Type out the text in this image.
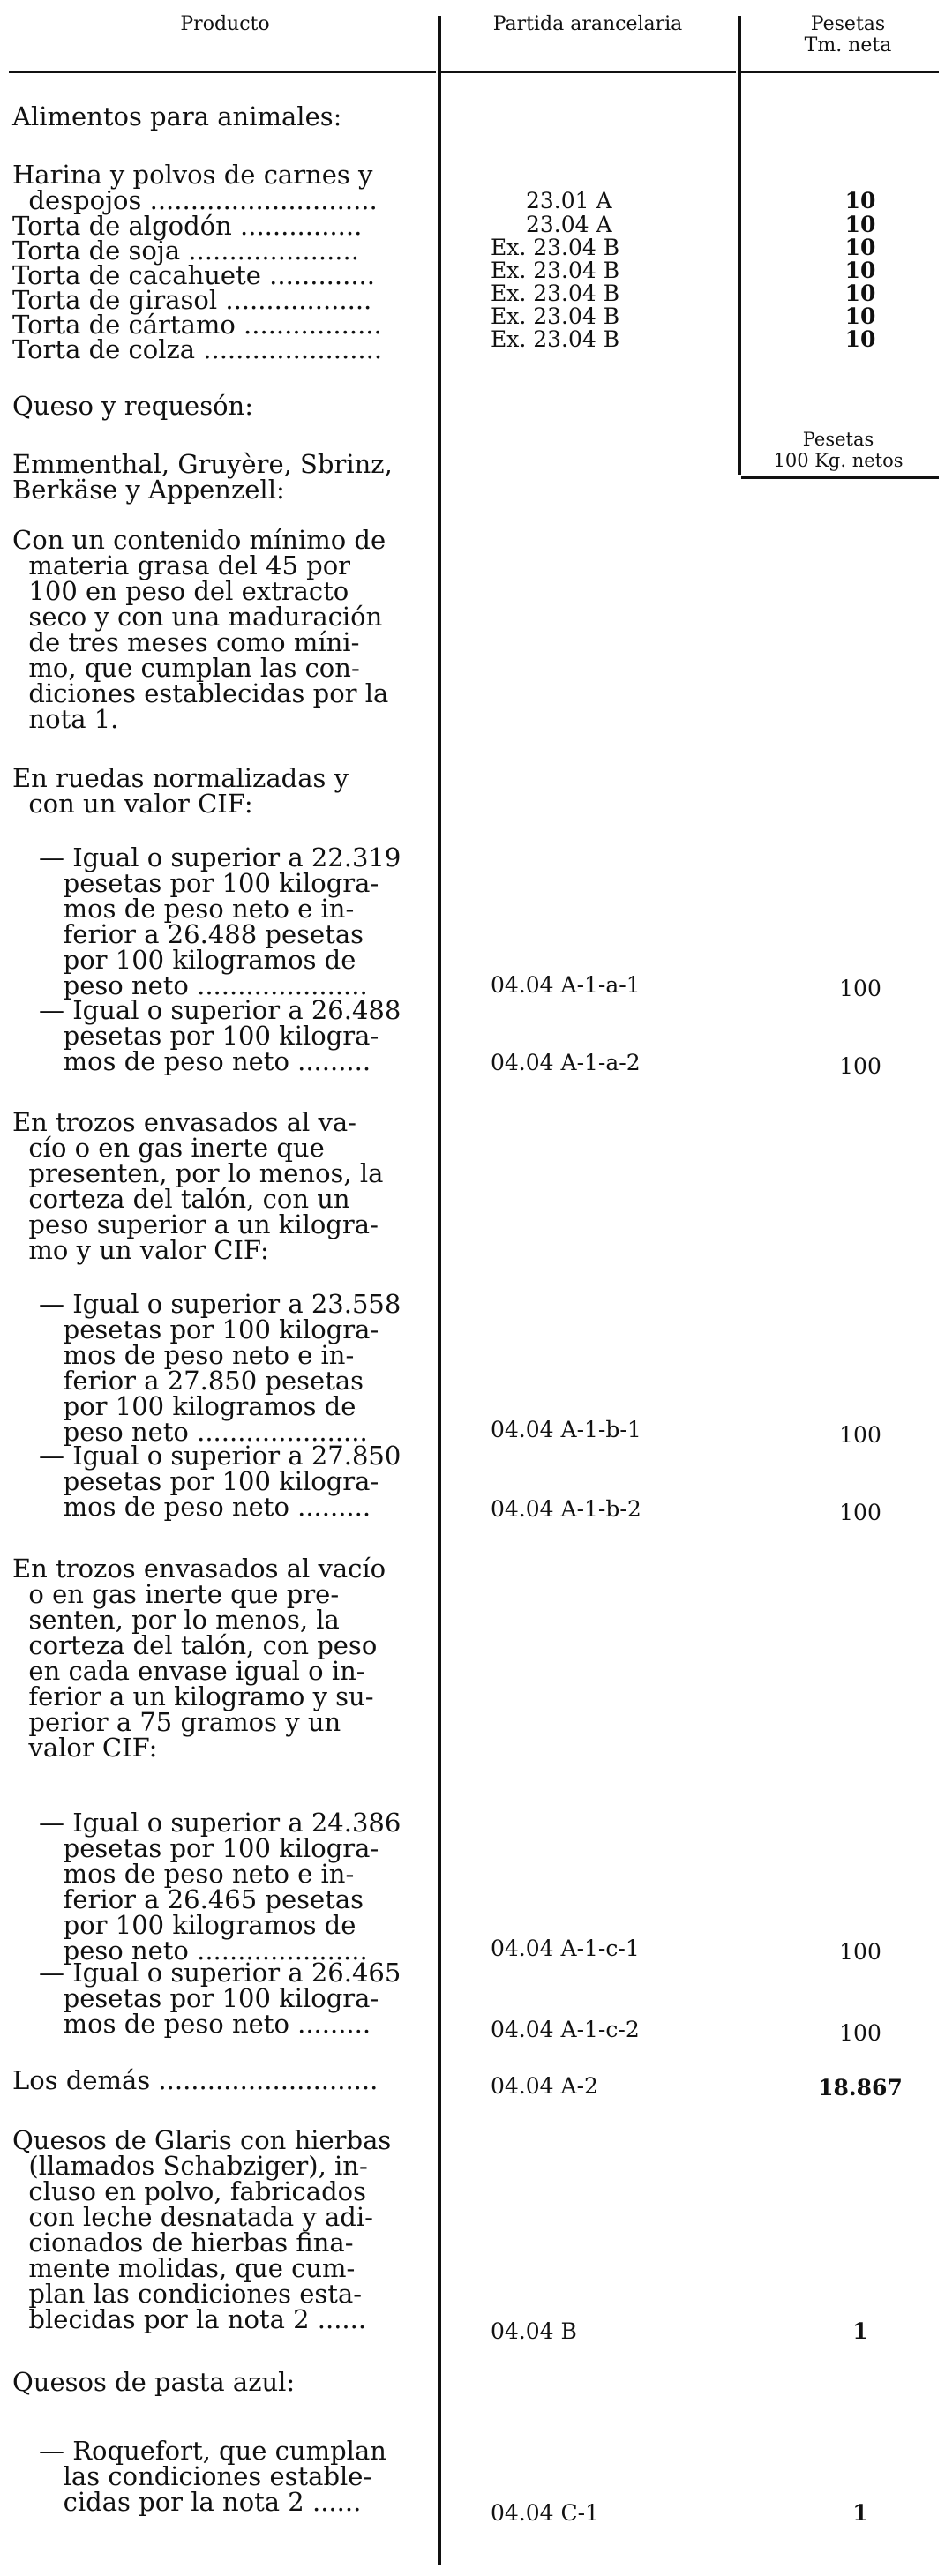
Producto	Partida arancelaria	Pesetas
Tm. neta
Alimentos para animales:
Harina y polvos de carnes y
despojos ............................	23.01 A	10
Torta de algodón ...............	23.04 A	10
Torta de soja .....................	Ex. 23.04 B	10
Torta de cacahuete .............	Ex. 23.04 B	10
Torta de girasol ..................	Ex. 23.04 B	10
Torta de cártamo .................	Ex. 23.04 B	10
Torta de colza ......................	Ex. 23.04 B	10
Queso y requesón:
Pesetas
100 Kg. netos
Emmenthal, Gruyère, Sbrinz,
Berkäse y Appenzell:
Con un contenido mínimo de
materia grasa del 45 por
100 en peso del extracto
seco y con una maduración
de tres meses como míni-
mo, que cumplan las con-
diciones establecidas por la
nota 1.
En ruedas normalizadas y
con un valor CIF:
— Igual o superior a 22.319
pesetas por 100 kilogra-
mos de peso neto e in-
ferior a 26.488 pesetas
por 100 kilogramos de
peso neto .....................	04.04 A-1-a-1	100
— Igual o superior a 26.488
pesetas por 100 kilogra-
mos de peso neto .........	04.04 A-1-a-2	100
En trozos envasados al va-
cío o en gas inerte que
presenten, por lo menos, la
corteza del talón, con un
peso superior a un kilogra-
mo y un valor CIF:
— Igual o superior a 23.558
pesetas por 100 kilogra-
mos de peso neto e in-
ferior a 27.850 pesetas
por 100 kilogramos de
peso neto .....................	04.04 A-1-b-1	100
— Igual o superior a 27.850
pesetas por 100 kilogra-
mos de peso neto .........	04.04 A-1-b-2	100
En trozos envasados al vacío
o en gas inerte que pre-
senten, por lo menos, la
corteza del talón, con peso
en cada envase igual o in-
ferior a un kilogramo y su-
perior a 75 gramos y un
valor CIF:
— Igual o superior a 24.386
pesetas por 100 kilogra-
mos de peso neto e in-
ferior a 26.465 pesetas
por 100 kilogramos de
peso neto .....................	04.04 A-1-c-1	100
— Igual o superior a 26.465
pesetas por 100 kilogra-
mos de peso neto .........	04.04 A-1-c-2	100
Los demás ...........................	04.04 A-2	18.867
Quesos de Glaris con hierbas
(llamados Schabziger), in-
cluso en polvo, fabricados
con leche desnatada y adi-
cionados de hierbas fina-
mente molidas, que cum-
plan las condiciones esta-
blecidas por la nota 2 ......	04.04 B	1
Quesos de pasta azul:
— Roquefort, que cumplan
las condiciones estable-
cidas por la nota 2 ......	04.04 C-1	1
